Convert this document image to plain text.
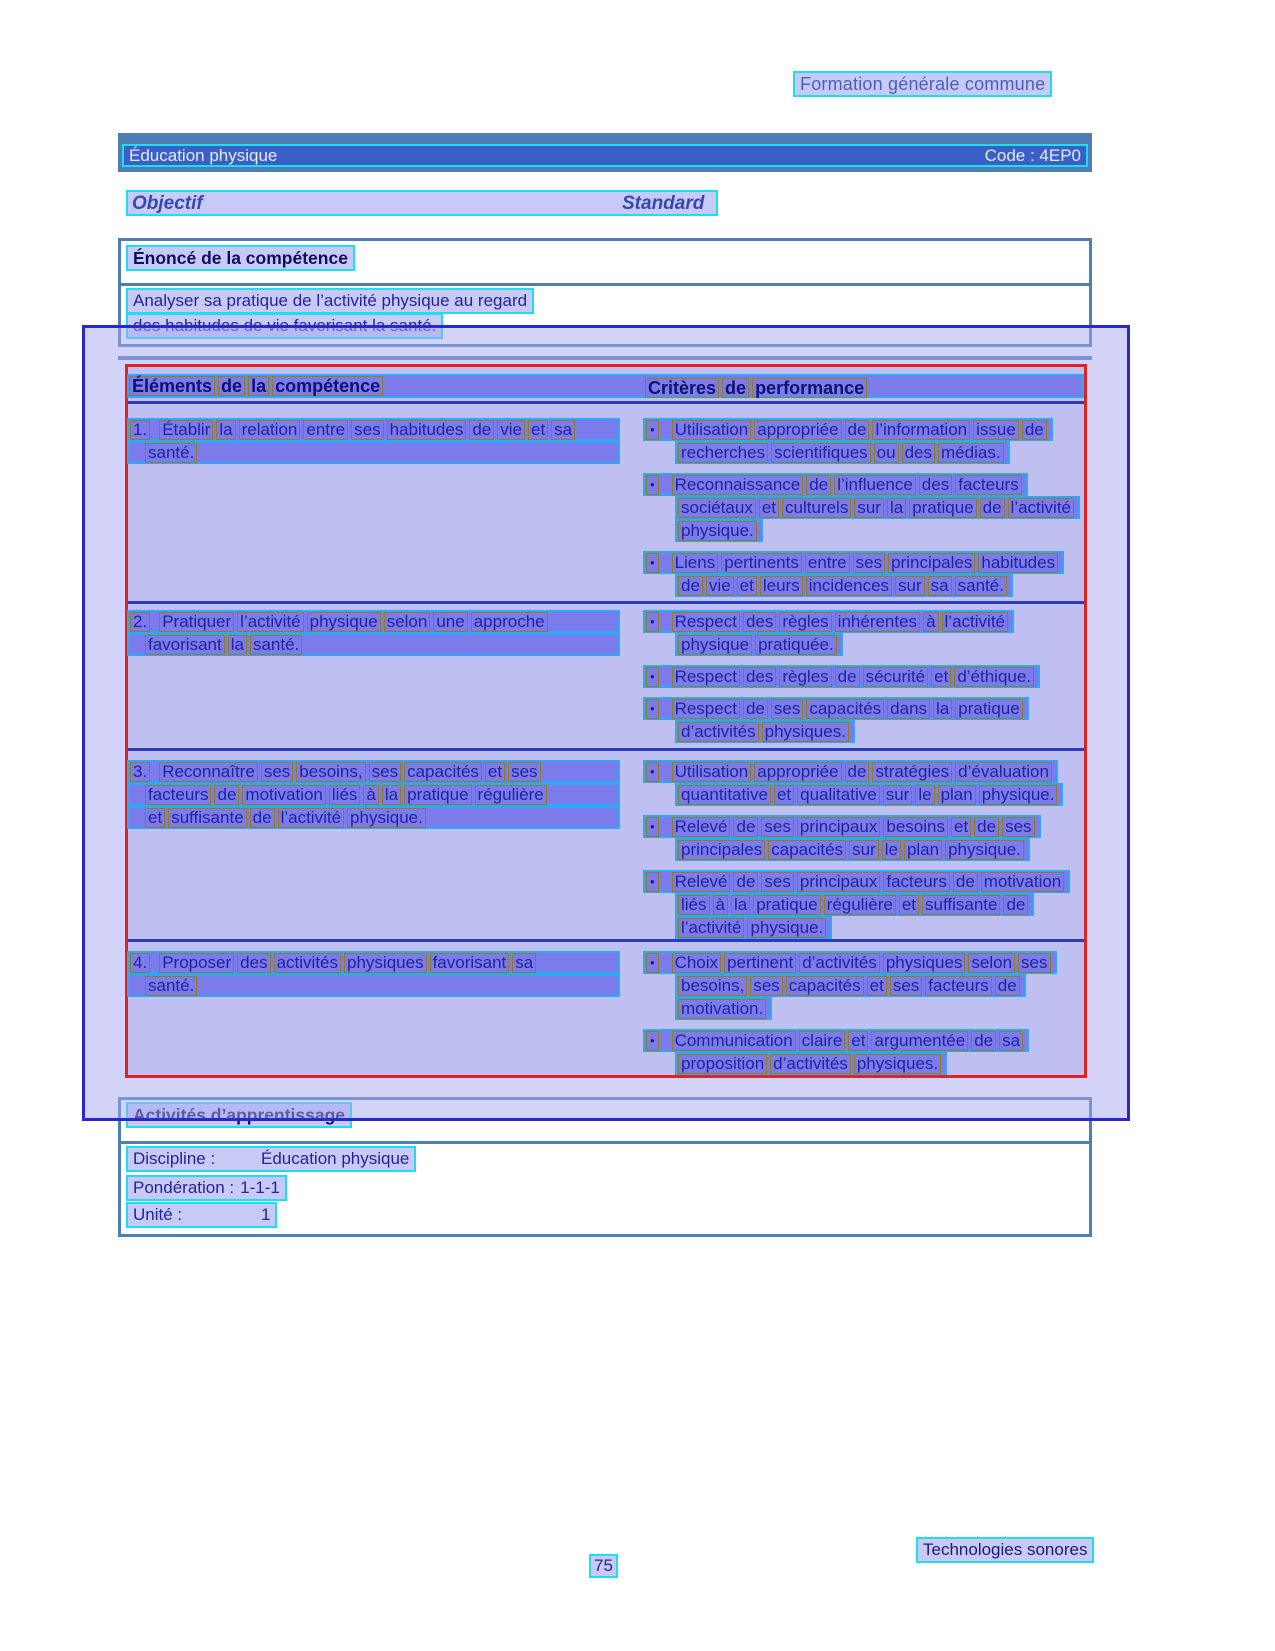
Formation générale commune
Éducation physique	Code : 4EP0
Objectif	Standard
Énoncé de la compétence
Analyser sa pratique de l’activité physique au regard
Discipline :	Éducation physique
Pondération : 1-1-1
Unité :	1
Technologies sonores
75
Éléments de la compétence	Critères de performance
1. Établir la relation entre ses habitudes de vie et sa
santé.
• Utilisation appropriée de l’information issue de
recherches scientifiques ou des médias.
• Reconnaissance de l’influence des facteurs
sociétaux et culturels sur la pratique de l’activité
physique.
• Liens pertinents entre ses principales habitudes
de vie et leurs incidences sur sa santé.
2. Pratiquer l’activité physique selon une approche
favorisant la santé.
• Respect des règles inhérentes à l’activité
physique pratiquée.
• Respect des règles de sécurité et d’éthique.
• Respect de ses capacités dans la pratique
d’activités physiques.
3. Reconnaître ses besoins, ses capacités et ses
facteurs de motivation liés à la pratique régulière
et suffisante de l’activité physique.
• Utilisation appropriée de stratégies d’évaluation
quantitative et qualitative sur le plan physique.
• Relevé de ses principaux besoins et de ses
principales capacités sur le plan physique.
• Relevé de ses principaux facteurs de motivation
liés à la pratique régulière et suffisante de
l’activité physique.
4. Proposer des activités physiques favorisant sa
santé.
• Choix pertinent d’activités physiques selon ses
besoins, ses capacités et ses facteurs de
motivation.
• Communication claire et argumentée de sa
proposition d’activités physiques.
